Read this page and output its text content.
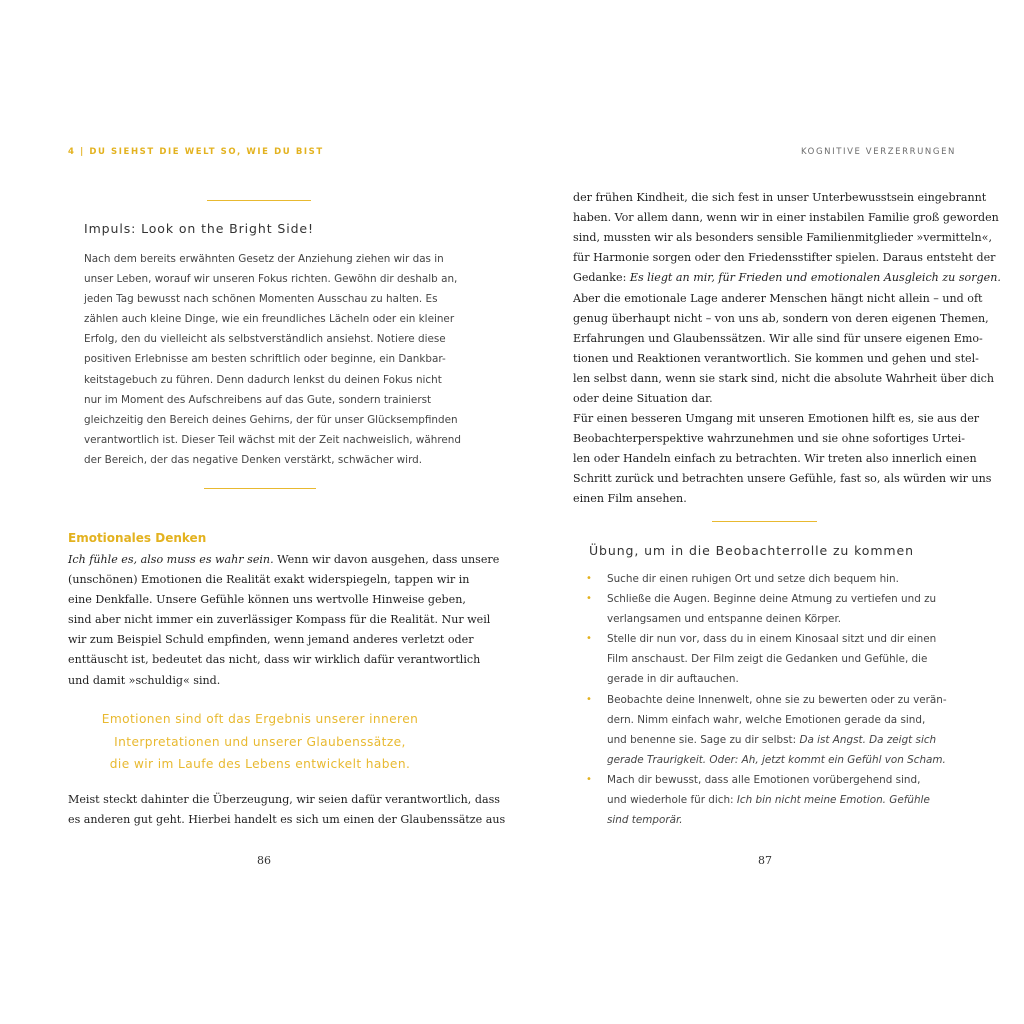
4 | DU SIEHST DIE WELT SO, WIE DU BIST
Impuls: Look on the Bright Side!
Nach dem bereits erwähnten Gesetz der Anziehung ziehen wir das in
unser Leben, worauf wir unseren Fokus richten. Gewöhn dir deshalb an,
jeden Tag bewusst nach schönen Momenten Ausschau zu halten. Es
zählen auch kleine Dinge, wie ein freundliches Lächeln oder ein kleiner
Erfolg, den du vielleicht als selbstverständlich ansiehst. Notiere diese
positiven Erlebnisse am besten schriftlich oder beginne, ein Dankbar-
keitstagebuch zu führen. Denn dadurch lenkst du deinen Fokus nicht
nur im Moment des Aufschreibens auf das Gute, sondern trainierst
gleichzeitig den Bereich deines Gehirns, der für unser Glücksempfinden
verantwortlich ist. Dieser Teil wächst mit der Zeit nachweislich, während
der Bereich, der das negative Denken verstärkt, schwächer wird.
Emotionales Denken
Ich fühle es, also muss es wahr sein. Wenn wir davon ausgehen, dass unsere
(unschönen) Emotionen die Realität exakt widerspiegeln, tappen wir in
eine Denkfalle. Unsere Gefühle können uns wertvolle Hinweise geben,
sind aber nicht immer ein zuverlässiger Kompass für die Realität. Nur weil
wir zum Beispiel Schuld empfinden, wenn jemand anderes verletzt oder
enttäuscht ist, bedeutet das nicht, dass wir wirklich dafür verantwortlich
und damit »schuldig« sind.
Emotionen sind oft das Ergebnis unserer inneren
Interpretationen und unserer Glaubenssätze,
die wir im Laufe des Lebens entwickelt haben.
Meist steckt dahinter die Überzeugung, wir seien dafür verantwortlich, dass
es anderen gut geht. Hierbei handelt es sich um einen der Glaubenssätze aus
86
KOGNITIVE VERZERRUNGEN
der frühen Kindheit, die sich fest in unser Unterbewusstsein eingebrannt
haben. Vor allem dann, wenn wir in einer instabilen Familie groß geworden
sind, mussten wir als besonders sensible Familienmitglieder »vermitteln«,
für Harmonie sorgen oder den Friedensstifter spielen. Daraus entsteht der
Gedanke: Es liegt an mir, für Frieden und emotionalen Ausgleich zu sorgen.
Aber die emotionale Lage anderer Menschen hängt nicht allein – und oft
genug überhaupt nicht – von uns ab, sondern von deren eigenen Themen,
Erfahrungen und Glaubenssätzen. Wir alle sind für unsere eigenen Emo-
tionen und Reaktionen verantwortlich. Sie kommen und gehen und stel-
len selbst dann, wenn sie stark sind, nicht die absolute Wahrheit über dich
oder deine Situation dar.
Für einen besseren Umgang mit unseren Emotionen hilft es, sie aus der
Beobachterperspektive wahrzunehmen und sie ohne sofortiges Urtei-
len oder Handeln einfach zu betrachten. Wir treten also innerlich einen
Schritt zurück und betrachten unsere Gefühle, fast so, als würden wir uns
einen Film ansehen.
Übung, um in die Beobachterrolle zu kommen
• Suche dir einen ruhigen Ort und setze dich bequem hin.
• Schließe die Augen. Beginne deine Atmung zu vertiefen und zu
verlangsamen und entspanne deinen Körper.
• Stelle dir nun vor, dass du in einem Kinosaal sitzt und dir einen
Film anschaust. Der Film zeigt die Gedanken und Gefühle, die
gerade in dir auftauchen.
• Beobachte deine Innenwelt, ohne sie zu bewerten oder zu verän-
dern. Nimm einfach wahr, welche Emotionen gerade da sind,
und benenne sie. Sage zu dir selbst: Da ist Angst. Da zeigt sich
gerade Traurigkeit. Oder: Ah, jetzt kommt ein Gefühl von Scham.
• Mach dir bewusst, dass alle Emotionen vorübergehend sind,
und wiederhole für dich: Ich bin nicht meine Emotion. Gefühle
sind temporär.
87
